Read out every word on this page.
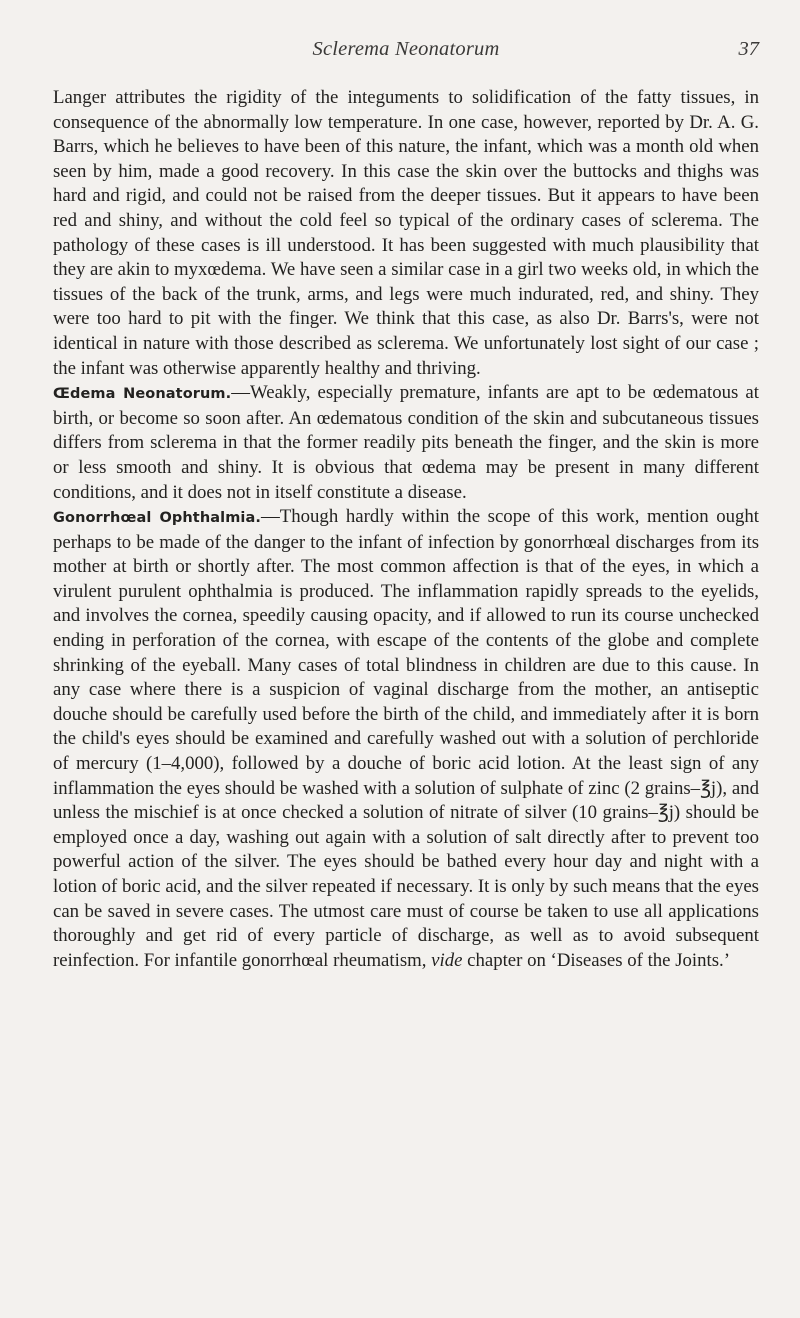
Sclerema Neonatorum	37

Langer attributes the rigidity of the integuments to solidification of the fatty tissues, in consequence of the abnormally low temperature. In one case, however, reported by Dr. A. G. Barrs, which he believes to have been of this nature, the infant, which was a month old when seen by him, made a good recovery. In this case the skin over the buttocks and thighs was hard and rigid, and could not be raised from the deeper tissues. But it appears to have been red and shiny, and without the cold feel so typical of the ordinary cases of sclerema. The pathology of these cases is ill understood. It has been suggested with much plausibility that they are akin to myxœdema. We have seen a similar case in a girl two weeks old, in which the tissues of the back of the trunk, arms, and legs were much indurated, red, and shiny. They were too hard to pit with the finger. We think that this case, as also Dr. Barrs's, were not identical in nature with those described as sclerema. We unfortunately lost sight of our case ; the infant was otherwise apparently healthy and thriving.

Œdema Neonatorum.—Weakly, especially premature, infants are apt to be œdematous at birth, or become so soon after. An œdematous condition of the skin and subcutaneous tissues differs from sclerema in that the former readily pits beneath the finger, and the skin is more or less smooth and shiny. It is obvious that œdema may be present in many different conditions, and it does not in itself constitute a disease.

Gonorrhœal Ophthalmia.—Though hardly within the scope of this work, mention ought perhaps to be made of the danger to the infant of infection by gonorrhœal discharges from its mother at birth or shortly after. The most common affection is that of the eyes, in which a virulent purulent ophthalmia is produced. The inflammation rapidly spreads to the eyelids, and involves the cornea, speedily causing opacity, and if allowed to run its course unchecked ending in perforation of the cornea, with escape of the contents of the globe and complete shrinking of the eyeball. Many cases of total blindness in children are due to this cause. In any case where there is a suspicion of vaginal discharge from the mother, an antiseptic douche should be carefully used before the birth of the child, and immediately after it is born the child's eyes should be examined and carefully washed out with a solution of perchloride of mercury (1–4,000), followed by a douche of boric acid lotion. At the least sign of any inflammation the eyes should be washed with a solution of sulphate of zinc (2 grains–℥j), and unless the mischief is at once checked a solution of nitrate of silver (10 grains–℥j) should be employed once a day, washing out again with a solution of salt directly after to prevent too powerful action of the silver. The eyes should be bathed every hour day and night with a lotion of boric acid, and the silver repeated if necessary. It is only by such means that the eyes can be saved in severe cases. The utmost care must of course be taken to use all applications thoroughly and get rid of every particle of discharge, as well as to avoid subsequent reinfection. For infantile gonorrhœal rheumatism, vide chapter on ‘Diseases of the Joints.’
